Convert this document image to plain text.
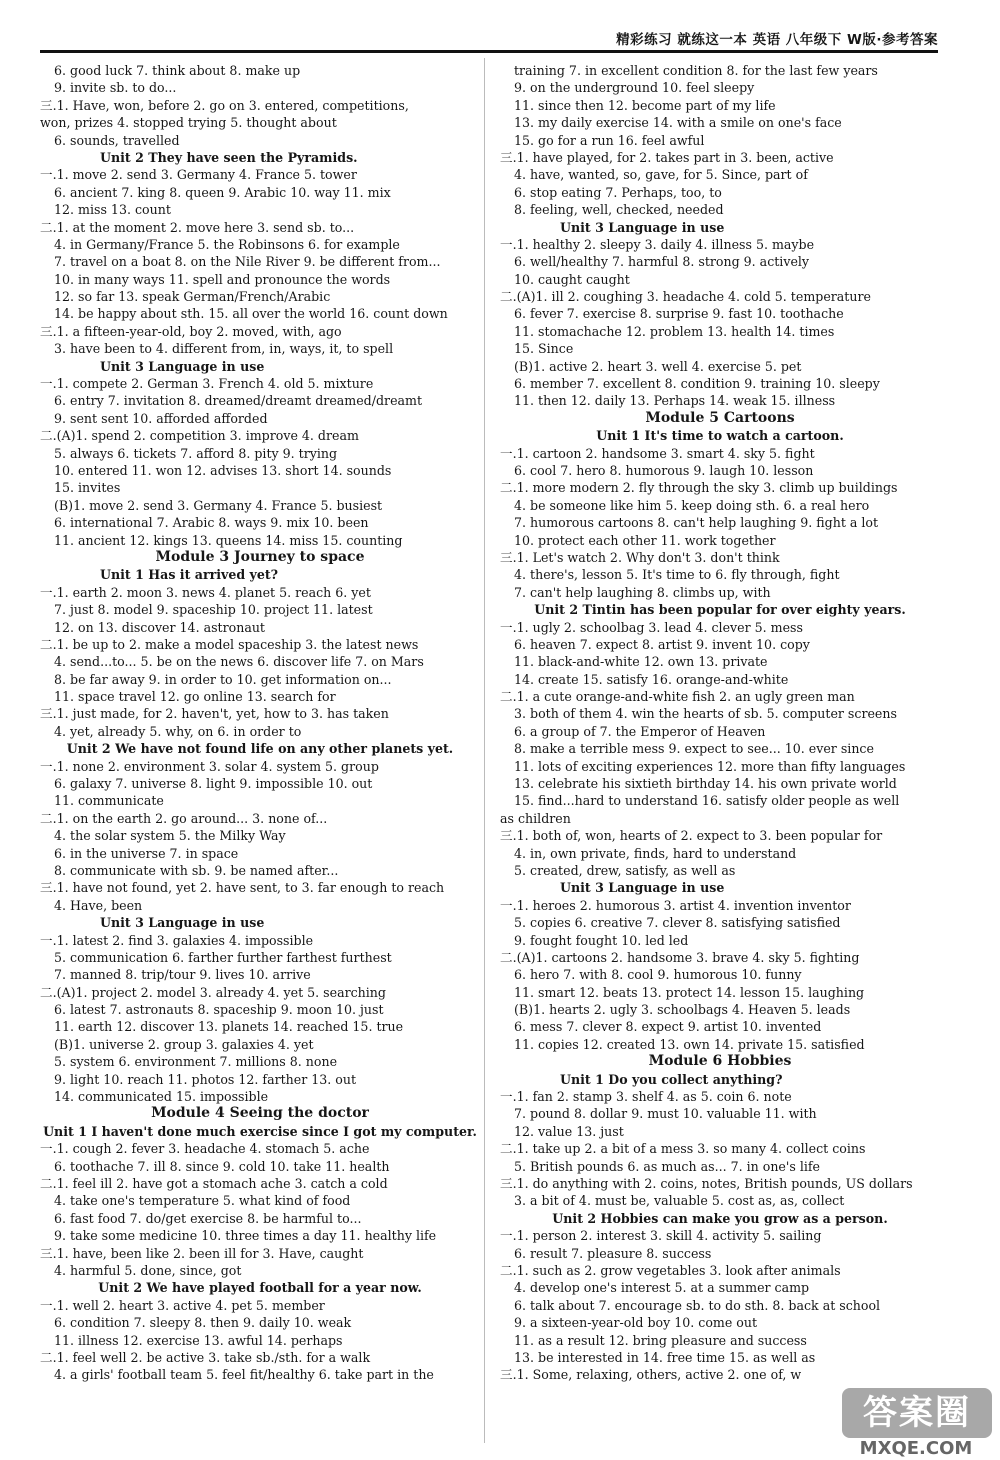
精彩练习 就练这一本 英语 八年级下 W版·参考答案
6. good luck 7. think about 8. make up
9. invite sb. to do...
三.1. Have, won, before 2. go on 3. entered, competitions,
won, prizes 4. stopped trying 5. thought about
6. sounds, travelled
Unit 2 They have seen the Pyramids.
一.1. move 2. send 3. Germany 4. France 5. tower
6. ancient 7. king 8. queen 9. Arabic 10. way 11. mix
12. miss 13. count
二.1. at the moment 2. move here 3. send sb. to...
4. in Germany/France 5. the Robinsons 6. for example
7. travel on a boat 8. on the Nile River 9. be different from...
10. in many ways 11. spell and pronounce the words
12. so far 13. speak German/French/Arabic
14. be happy about sth. 15. all over the world 16. count down
三.1. a fifteen-year-old, boy 2. moved, with, ago
3. have been to 4. different from, in, ways, it, to spell
Unit 3 Language in use
一.1. compete 2. German 3. French 4. old 5. mixture
6. entry 7. invitation 8. dreamed/dreamt dreamed/dreamt
9. sent sent 10. afforded afforded
二.(A)1. spend 2. competition 3. improve 4. dream
5. always 6. tickets 7. afford 8. pity 9. trying
10. entered 11. won 12. advises 13. short 14. sounds
15. invites
(B)1. move 2. send 3. Germany 4. France 5. busiest
6. international 7. Arabic 8. ways 9. mix 10. been
11. ancient 12. kings 13. queens 14. miss 15. counting
Module 3 Journey to space
Unit 1 Has it arrived yet?
一.1. earth 2. moon 3. news 4. planet 5. reach 6. yet
7. just 8. model 9. spaceship 10. project 11. latest
12. on 13. discover 14. astronaut
二.1. be up to 2. make a model spaceship 3. the latest news
4. send...to... 5. be on the news 6. discover life 7. on Mars
8. be far away 9. in order to 10. get information on...
11. space travel 12. go online 13. search for
三.1. just made, for 2. haven't, yet, how to 3. has taken
4. yet, already 5. why, on 6. in order to
Unit 2 We have not found life on any other planets yet.
一.1. none 2. environment 3. solar 4. system 5. group
6. galaxy 7. universe 8. light 9. impossible 10. out
11. communicate
二.1. on the earth 2. go around... 3. none of...
4. the solar system 5. the Milky Way
6. in the universe 7. in space
8. communicate with sb. 9. be named after...
三.1. have not found, yet 2. have sent, to 3. far enough to reach
4. Have, been
Unit 3 Language in use
一.1. latest 2. find 3. galaxies 4. impossible
5. communication 6. farther further farthest furthest
7. manned 8. trip/tour 9. lives 10. arrive
二.(A)1. project 2. model 3. already 4. yet 5. searching
6. latest 7. astronauts 8. spaceship 9. moon 10. just
11. earth 12. discover 13. planets 14. reached 15. true
(B)1. universe 2. group 3. galaxies 4. yet
5. system 6. environment 7. millions 8. none
9. light 10. reach 11. photos 12. farther 13. out
14. communicated 15. impossible
Module 4 Seeing the doctor
Unit 1 I haven't done much exercise since I got my computer.
一.1. cough 2. fever 3. headache 4. stomach 5. ache
6. toothache 7. ill 8. since 9. cold 10. take 11. health
二.1. feel ill 2. have got a stomach ache 3. catch a cold
4. take one's temperature 5. what kind of food
6. fast food 7. do/get exercise 8. be harmful to...
9. take some medicine 10. three times a day 11. healthy life
三.1. have, been like 2. been ill for 3. Have, caught
4. harmful 5. done, since, got
Unit 2 We have played football for a year now.
一.1. well 2. heart 3. active 4. pet 5. member
6. condition 7. sleepy 8. then 9. daily 10. weak
11. illness 12. exercise 13. awful 14. perhaps
二.1. feel well 2. be active 3. take sb./sth. for a walk
4. a girls' football team 5. feel fit/healthy 6. take part in the
training 7. in excellent condition 8. for the last few years
9. on the underground 10. feel sleepy
11. since then 12. become part of my life
13. my daily exercise 14. with a smile on one's face
15. go for a run 16. feel awful
三.1. have played, for 2. takes part in 3. been, active
4. have, wanted, so, gave, for 5. Since, part of
6. stop eating 7. Perhaps, too, to
8. feeling, well, checked, needed
Unit 3 Language in use
一.1. healthy 2. sleepy 3. daily 4. illness 5. maybe
6. well/healthy 7. harmful 8. strong 9. actively
10. caught caught
二.(A)1. ill 2. coughing 3. headache 4. cold 5. temperature
6. fever 7. exercise 8. surprise 9. fast 10. toothache
11. stomachache 12. problem 13. health 14. times
15. Since
(B)1. active 2. heart 3. well 4. exercise 5. pet
6. member 7. excellent 8. condition 9. training 10. sleepy
11. then 12. daily 13. Perhaps 14. weak 15. illness
Module 5 Cartoons
Unit 1 It's time to watch a cartoon.
一.1. cartoon 2. handsome 3. smart 4. sky 5. fight
6. cool 7. hero 8. humorous 9. laugh 10. lesson
二.1. more modern 2. fly through the sky 3. climb up buildings
4. be someone like him 5. keep doing sth. 6. a real hero
7. humorous cartoons 8. can't help laughing 9. fight a lot
10. protect each other 11. work together
三.1. Let's watch 2. Why don't 3. don't think
4. there's, lesson 5. It's time to 6. fly through, fight
7. can't help laughing 8. climbs up, with
Unit 2 Tintin has been popular for over eighty years.
一.1. ugly 2. schoolbag 3. lead 4. clever 5. mess
6. heaven 7. expect 8. artist 9. invent 10. copy
11. black-and-white 12. own 13. private
14. create 15. satisfy 16. orange-and-white
二.1. a cute orange-and-white fish 2. an ugly green man
3. both of them 4. win the hearts of sb. 5. computer screens
6. a group of 7. the Emperor of Heaven
8. make a terrible mess 9. expect to see... 10. ever since
11. lots of exciting experiences 12. more than fifty languages
13. celebrate his sixtieth birthday 14. his own private world
15. find...hard to understand 16. satisfy older people as well
as children
三.1. both of, won, hearts of 2. expect to 3. been popular for
4. in, own private, finds, hard to understand
5. created, drew, satisfy, as well as
Unit 3 Language in use
一.1. heroes 2. humorous 3. artist 4. invention inventor
5. copies 6. creative 7. clever 8. satisfying satisfied
9. fought fought 10. led led
二.(A)1. cartoons 2. handsome 3. brave 4. sky 5. fighting
6. hero 7. with 8. cool 9. humorous 10. funny
11. smart 12. beats 13. protect 14. lesson 15. laughing
(B)1. hearts 2. ugly 3. schoolbags 4. Heaven 5. leads
6. mess 7. clever 8. expect 9. artist 10. invented
11. copies 12. created 13. own 14. private 15. satisfied
Module 6 Hobbies
Unit 1 Do you collect anything?
一.1. fan 2. stamp 3. shelf 4. as 5. coin 6. note
7. pound 8. dollar 9. must 10. valuable 11. with
12. value 13. just
二.1. take up 2. a bit of a mess 3. so many 4. collect coins
5. British pounds 6. as much as... 7. in one's life
三.1. do anything with 2. coins, notes, British pounds, US dollars
3. a bit of 4. must be, valuable 5. cost as, as, collect
Unit 2 Hobbies can make you grow as a person.
一.1. person 2. interest 3. skill 4. activity 5. sailing
6. result 7. pleasure 8. success
二.1. such as 2. grow vegetables 3. look after animals
4. develop one's interest 5. at a summer camp
6. talk about 7. encourage sb. to do sth. 8. back at school
9. a sixteen-year-old boy 10. come out
11. as a result 12. bring pleasure and success
13. be interested in 14. free time 15. as well as
三.1. Some, relaxing, others, active 2. one of, w
答案圈
MXQE.COM
